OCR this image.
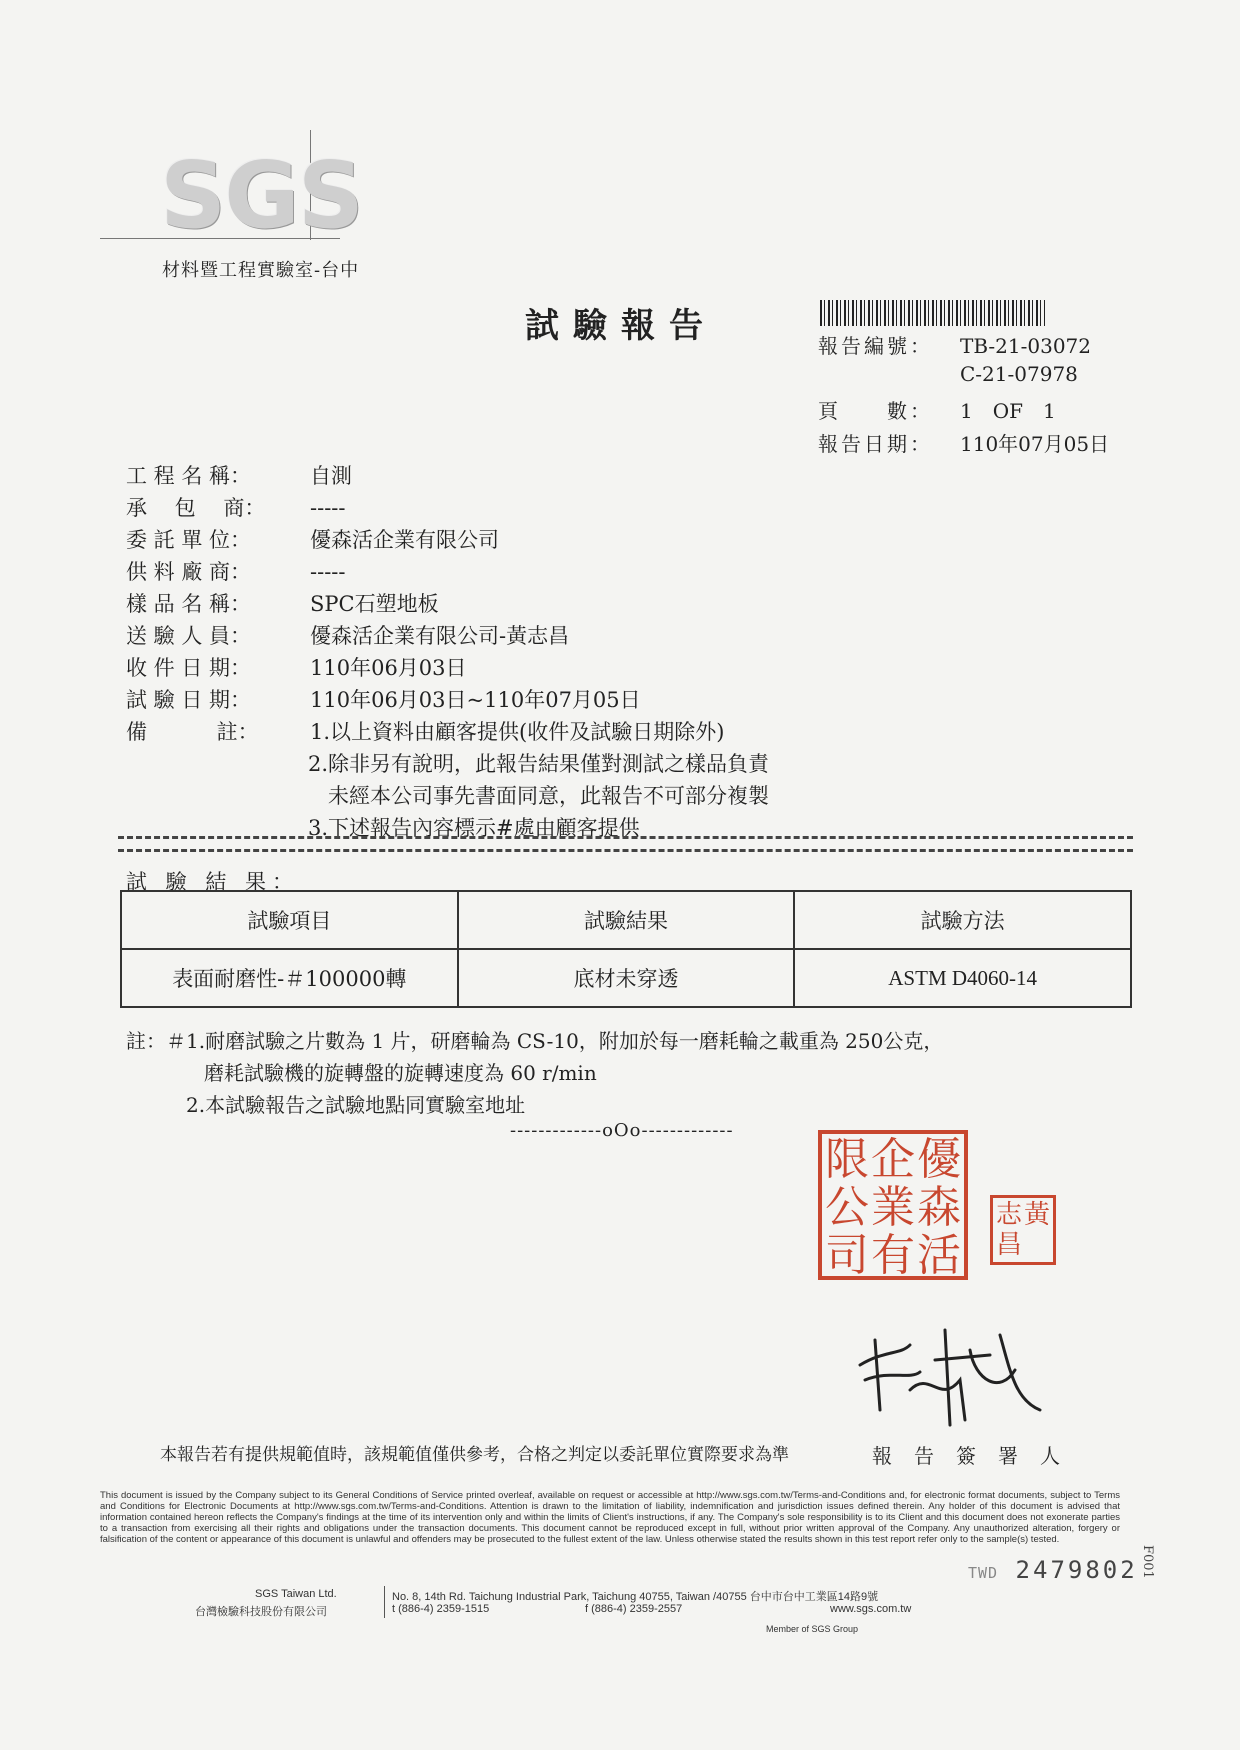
SGS
材料暨工程實驗室-台中
試驗報告	報告編號： TB-21-03072
C-21-07978
頁　　數： 1　OF　1
報告日期： 110年07月05日
工 程 名 稱：	自測
承　 包　 商： -----
委 託 單 位：	優森活企業有限公司
供 料 廠 商：	-----
樣 品 名 稱：	SPC石塑地板
送 驗 人 員：	優森活企業有限公司-黃志昌
收 件 日 期：	110年06月03日
試 驗 日 期：	110年06月03日~110年07月05日
備　　　 註： 1.以上資料由顧客提供(收件及試驗日期除外)
2.除非另有說明，此報告結果僅對測試之樣品負責
未經本公司事先書面同意，此報告不可部分複製
3.下述報告內容標示#處由顧客提供
試 驗 結 果：
試驗項目	試驗結果	試驗方法
表面耐磨性-＃100000轉	底材未穿透	ASTM D4060-14
註：＃1.耐磨試驗之片數為 1 片，研磨輪為 CS-10，附加於每一磨耗輪之載重為 250公克，
磨耗試驗機的旋轉盤的旋轉速度為 60 r/min
2.本試驗報告之試驗地點同實驗室地址
-------------oOo-------------
限 企 優
公 業 森
司 有 活
志 黃
昌
本報告若有提供規範值時，該規範值僅供參考，合格之判定以委託單位實際要求為準	報告簽署人
This document is issued by the Company subject to its General Conditions of Service printed overleaf, available on request or accessible at http://www.sgs.com.tw/Terms-and-Conditions and, for electronic format documents, subject to Terms and Conditions for Electronic Documents at http://www.sgs.com.tw/Terms-and-Conditions. Attention is drawn to the limitation of liability, indemnification and jurisdiction issues defined therein. Any holder of this document is advised that information contained hereon reflects the Company's findings at the time of its intervention only and within the limits of Client's instructions, if any. The Company's sole responsibility is to its Client and this document does not exonerate parties to a transaction from exercising all their rights and obligations under the transaction documents. This document cannot be reproduced except in full, without prior written approval of the Company. Any unauthorized alteration, forgery or falsification of the content or appearance of this document is unlawful and offenders may be prosecuted to the fullest extent of the law. Unless otherwise stated the results shown in this test report refer only to the sample(s) tested.
TWD 2479802
SGS Taiwan Ltd.
台灣檢驗科技股份有限公司
No. 8, 14th Rd. Taichung Industrial Park, Taichung 40755, Taiwan /40755 台中市台中工業區14路9號
t (886-4) 2359-1515	f (886-4) 2359-2557	www.sgs.com.tw
Member of SGS Group
F001
